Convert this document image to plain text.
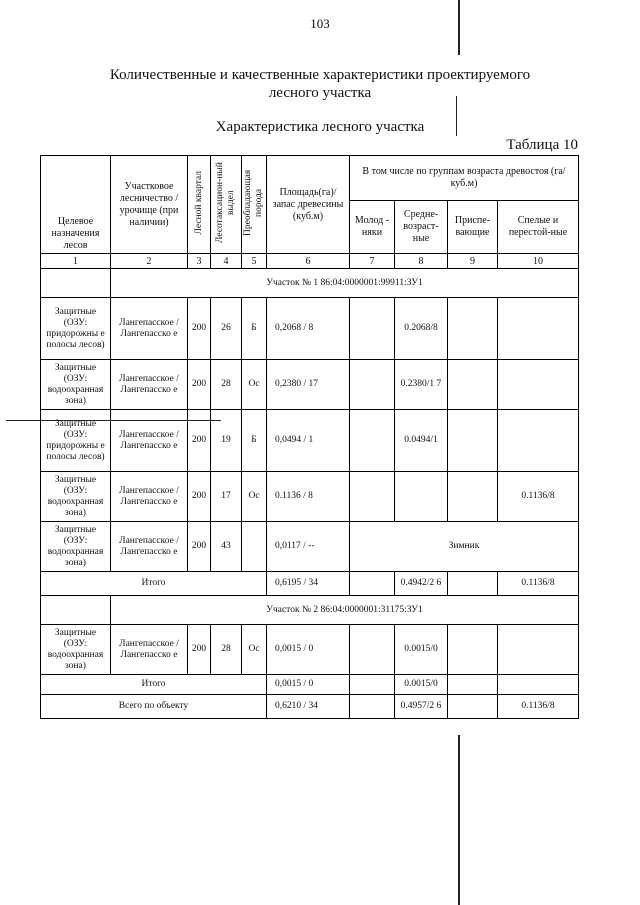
103
Количественные и качественные характеристики проектируемого
лесного участка
Характеристика лесного участка
Таблица 10
Целевое назначения лесов	Участковое лесничество /урочище (при наличии)	Лесной квартал	Лесотаксацион-ный выдел	Преобладающая порода	Площадь(га)/ запас древесины (куб.м)	В том числе по группам возраста древостоя (га/куб.м)			
						Молод - няки	Средне-возраст-ные	Приспе-вающие	Спелые и перестой-ные
1	2	3	4	5	6	7	8	9	10
	Участок № 1 86:04:0000001:99911:ЗУ1								
Защитные (ОЗУ: придорожны е полосы лесов)	Лангепасское /Лангепасско е	200	26	Б	0,2068 / 8		0.2068/8		
Защитные (ОЗУ: водоохранная зона)	Лангепасское /Лангепасско е	200	28	Ос	0,2380 / 17		0.2380/1 7		
Защитные (ОЗУ: придорожны е полосы лесов)	Лангепасское /Лангепасско е	200	19	Б	0,0494 / 1		0.0494/1		
Защитные (ОЗУ: водоохранная зона)	Лангепасское /Лангепасско е	200	17	Ос	0.1136 / 8				0.1136/8
Защитные (ОЗУ: водоохранная зона)	Лангепасское /Лангепасско е	200	43		0,0117 / --	Зимник			
Итого					0,6195 / 34		0.4942/2 6		0.1136/8
	Участок № 2 86:04:0000001:31175:ЗУ1								
Защитные (ОЗУ: водоохранная зона)	Лангепасское /Лангепасско е	200	28	Ос	0,0015 / 0		0.0015/0		
Итого					0,0015 / 0		0.0015/0		
Всего по объекту					0,6210 / 34		0.4957/2 6		0.1136/8
